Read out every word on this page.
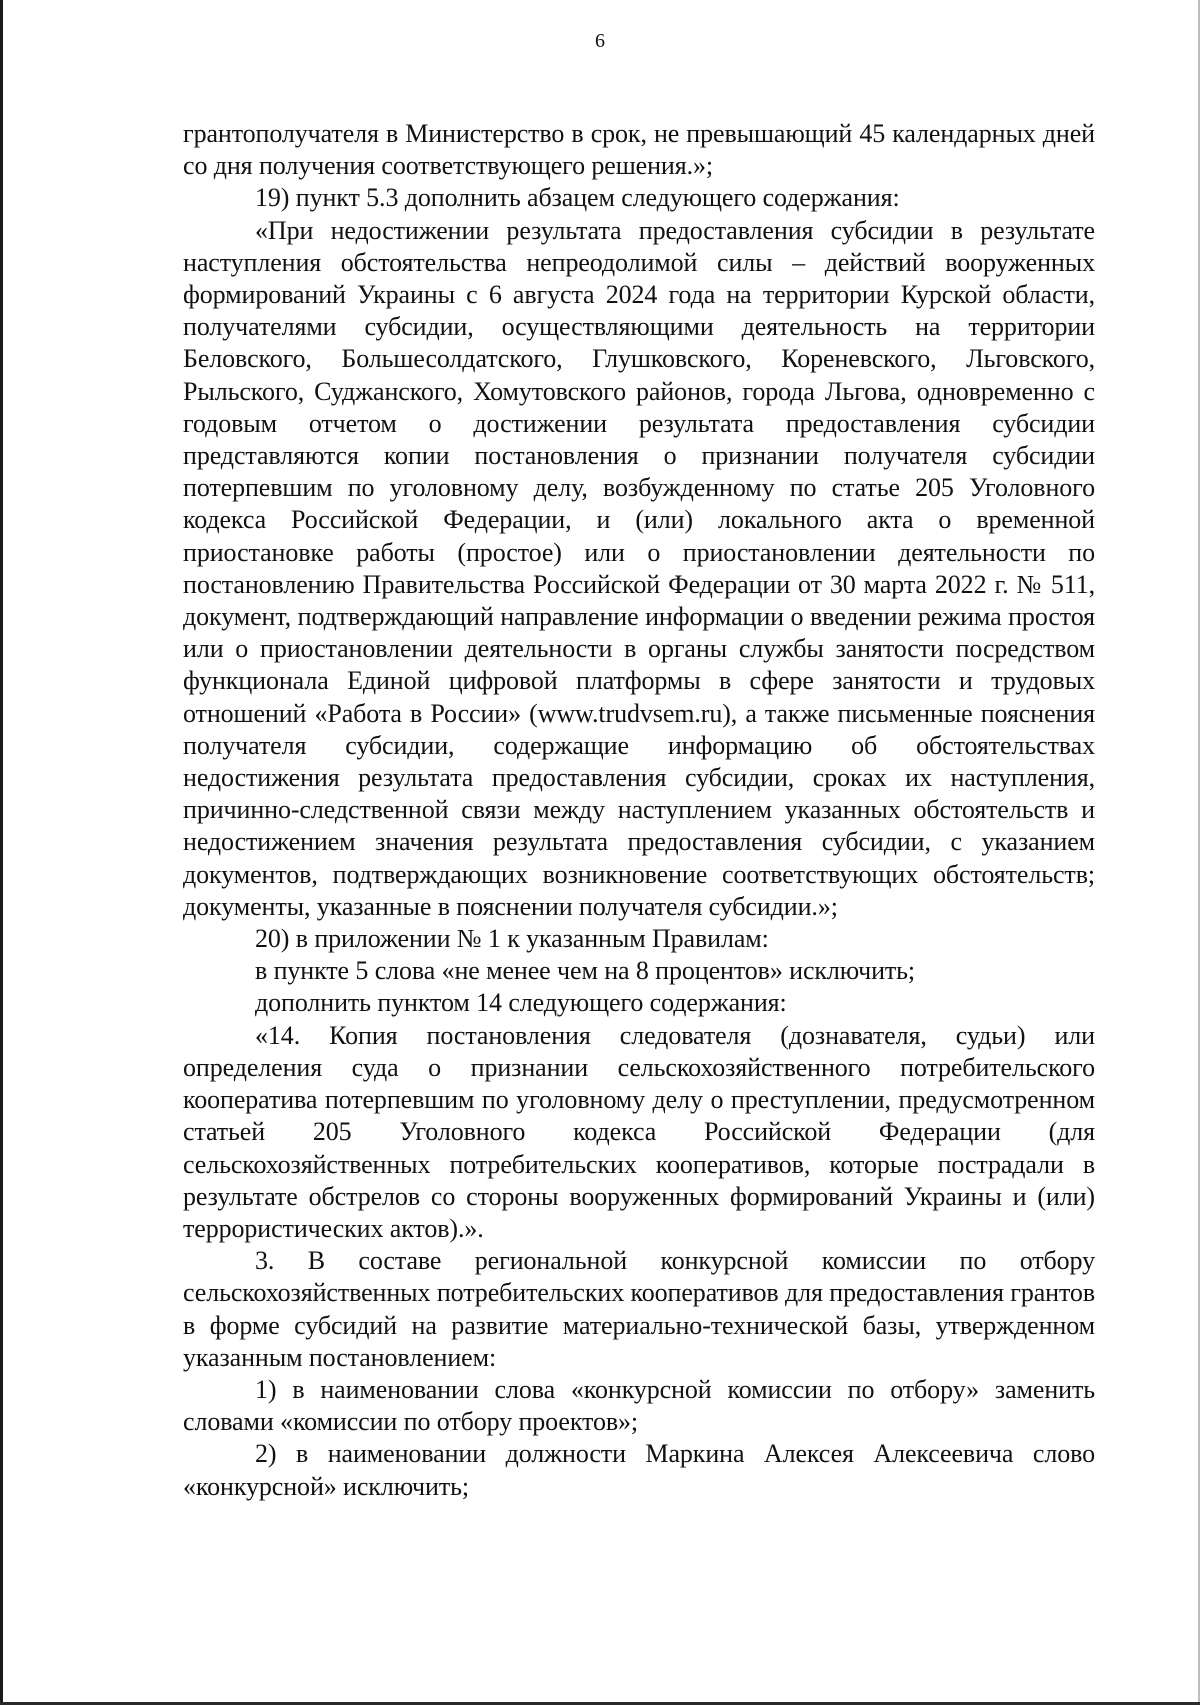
6

грантополучателя в Министерство в срок, не превышающий 45 календарных дней со дня получения соответствующего решения.»;

19) пункт 5.3 дополнить абзацем следующего содержания:

«При недостижении результата предоставления субсидии в результате наступления обстоятельства непреодолимой силы – действий вооруженных формирований Украины с 6 августа 2024 года на территории Курской области, получателями субсидии, осуществляющими деятельность на территории Беловского, Большесолдатского, Глушковского, Кореневского, Льговского, Рыльского, Суджанского, Хомутовского районов, города Льгова, одновременно с годовым отчетом о достижении результата предоставления субсидии представляются копии постановления о признании получателя субсидии потерпевшим по уголовному делу, возбужденному по статье 205 Уголовного кодекса Российской Федерации, и (или) локального акта о временной приостановке работы (простое) или о приостановлении деятельности по постановлению Правительства Российской Федерации от 30 марта 2022 г. № 511, документ, подтверждающий направление информации о введении режима простоя или о приостановлении деятельности в органы службы занятости посредством функционала Единой цифровой платформы в сфере занятости и трудовых отношений «Работа в России» (www.trudvsem.ru), а также письменные пояснения получателя субсидии, содержащие информацию об обстоятельствах недостижения результата предоставления субсидии, сроках их наступления, причинно-следственной связи между наступлением указанных обстоятельств и недостижением значения результата предоставления субсидии, с указанием документов, подтверждающих возникновение соответствующих обстоятельств; документы, указанные в пояснении получателя субсидии.»;

20) в приложении № 1 к указанным Правилам:

в пункте 5 слова «не менее чем на 8 процентов» исключить;

дополнить пунктом 14 следующего содержания:

«14. Копия постановления следователя (дознавателя, судьи) или определения суда о признании сельскохозяйственного потребительского кооператива потерпевшим по уголовному делу о преступлении, предусмотренном статьей 205 Уголовного кодекса Российской Федерации (для сельскохозяйственных потребительских кооперативов, которые пострадали в результате обстрелов со стороны вооруженных формирований Украины и (или) террористических актов).».

3. В составе региональной конкурсной комиссии по отбору сельскохозяйственных потребительских кооперативов для предоставления грантов в форме субсидий на развитие материально-технической базы, утвержденном указанным постановлением:

1) в наименовании слова «конкурсной комиссии по отбору» заменить словами «комиссии по отбору проектов»;

2) в наименовании должности Маркина Алексея Алексеевича слово «конкурсной» исключить;
